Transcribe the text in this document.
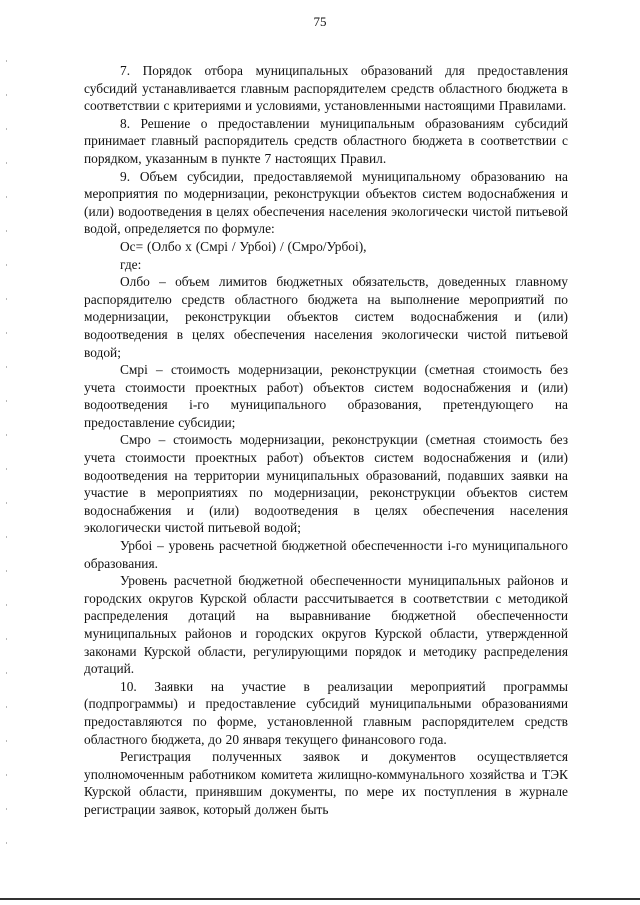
75

7. Порядок отбора муниципальных образований для предоставления субсидий устанавливается главным распорядителем средств областного бюджета в соответствии с критериями и условиями, установленными настоящими Правилами.

8. Решение о предоставлении муниципальным образованиям субсидий принимает главный распорядитель средств областного бюджета в соответствии с порядком, указанным в пункте 7 настоящих Правил.

9. Объем субсидии, предоставляемой муниципальному образованию на мероприятия по модернизации, реконструкции объектов систем водоснабжения и (или) водоотведения в целях обеспечения населения экологически чистой питьевой водой, определяется по формуле:

Ос= (Олбо х (Смрi / Урбоi) / (Смро/Урбоi),

где:

Олбо – объем лимитов бюджетных обязательств, доведенных главному распорядителю средств областного бюджета на выполнение мероприятий по модернизации, реконструкции объектов систем водоснабжения и (или) водоотведения в целях обеспечения населения экологически чистой питьевой водой;

Смрi – стоимость модернизации, реконструкции (сметная стоимость без учета стоимости проектных работ) объектов систем водоснабжения и (или) водоотведения i-го муниципального образования, претендующего на предоставление субсидии;

Смро – стоимость модернизации, реконструкции (сметная стоимость без учета стоимости проектных работ) объектов систем водоснабжения и (или) водоотведения на территории муниципальных образований, подавших заявки на участие в мероприятиях по модернизации, реконструкции объектов систем водоснабжения и (или) водоотведения в целях обеспечения населения экологически чистой питьевой водой;

Урбоi – уровень расчетной бюджетной обеспеченности i-го муниципального образования.

Уровень расчетной бюджетной обеспеченности муниципальных районов и городских округов Курской области рассчитывается в соответствии с методикой распределения дотаций на выравнивание бюджетной обеспеченности муниципальных районов и городских округов Курской области, утвержденной законами Курской области, регулирующими порядок и методику распределения дотаций.

10. Заявки на участие в реализации мероприятий программы (подпрограммы) и предоставление субсидий муниципальными образованиями предоставляются по форме, установленной главным распорядителем средств областного бюджета, до 20 января текущего финансового года.

Регистрация полученных заявок и документов осуществляется уполномоченным работником комитета жилищно-коммунального хозяйства и ТЭК Курской области, принявшим документы, по мере их поступления в журнале регистрации заявок, который должен быть
